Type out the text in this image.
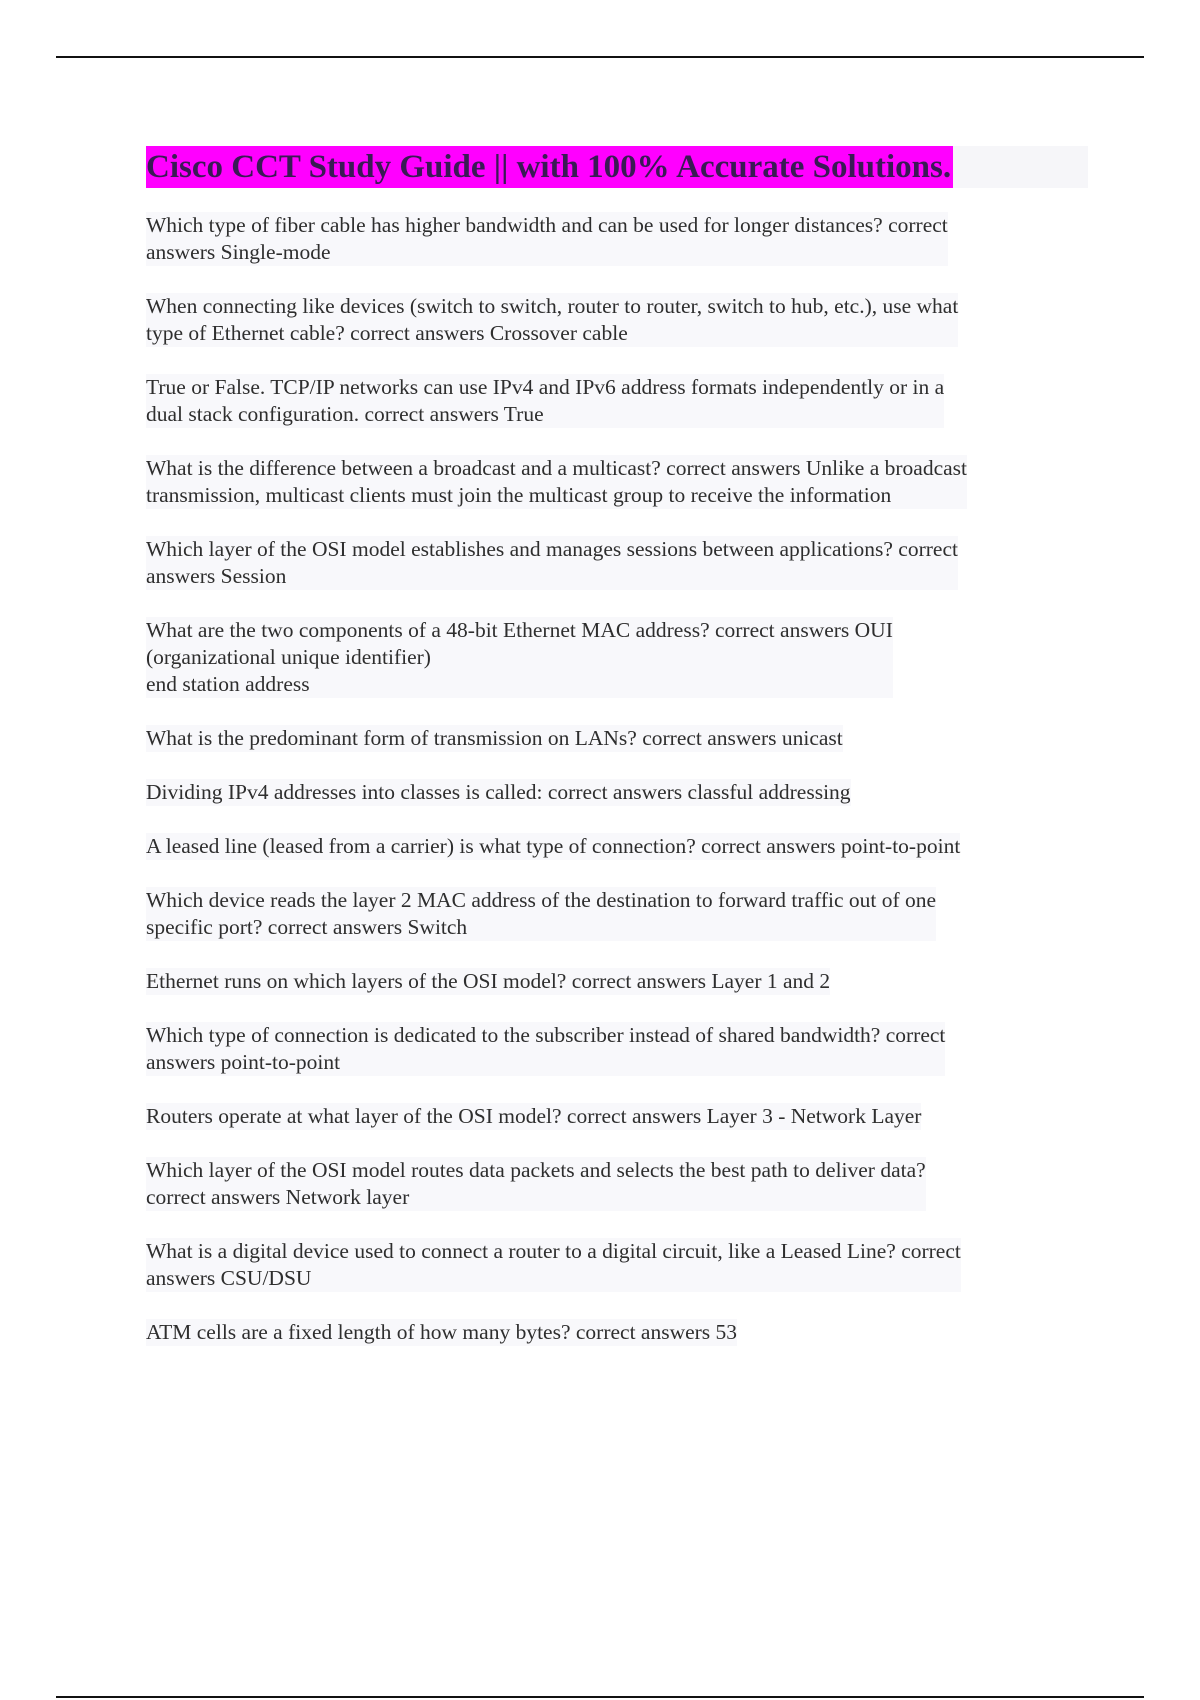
Cisco CCT Study Guide || with 100% Accurate Solutions.
Which type of fiber cable has higher bandwidth and can be used for longer distances? correct
answers Single-mode
When connecting like devices (switch to switch, router to router, switch to hub, etc.), use what
type of Ethernet cable? correct answers Crossover cable
True or False. TCP/IP networks can use IPv4 and IPv6 address formats independently or in a
dual stack configuration. correct answers True
What is the difference between a broadcast and a multicast? correct answers Unlike a broadcast
transmission, multicast clients must join the multicast group to receive the information
Which layer of the OSI model establishes and manages sessions between applications? correct
answers Session
What are the two components of a 48-bit Ethernet MAC address? correct answers OUI
(organizational unique identifier)
end station address
What is the predominant form of transmission on LANs? correct answers unicast
Dividing IPv4 addresses into classes is called: correct answers classful addressing
A leased line (leased from a carrier) is what type of connection? correct answers point-to-point
Which device reads the layer 2 MAC address of the destination to forward traffic out of one
specific port? correct answers Switch
Ethernet runs on which layers of the OSI model? correct answers Layer 1 and 2
Which type of connection is dedicated to the subscriber instead of shared bandwidth? correct
answers point-to-point
Routers operate at what layer of the OSI model? correct answers Layer 3 - Network Layer
Which layer of the OSI model routes data packets and selects the best path to deliver data?
correct answers Network layer
What is a digital device used to connect a router to a digital circuit, like a Leased Line? correct
answers CSU/DSU
ATM cells are a fixed length of how many bytes? correct answers 53
